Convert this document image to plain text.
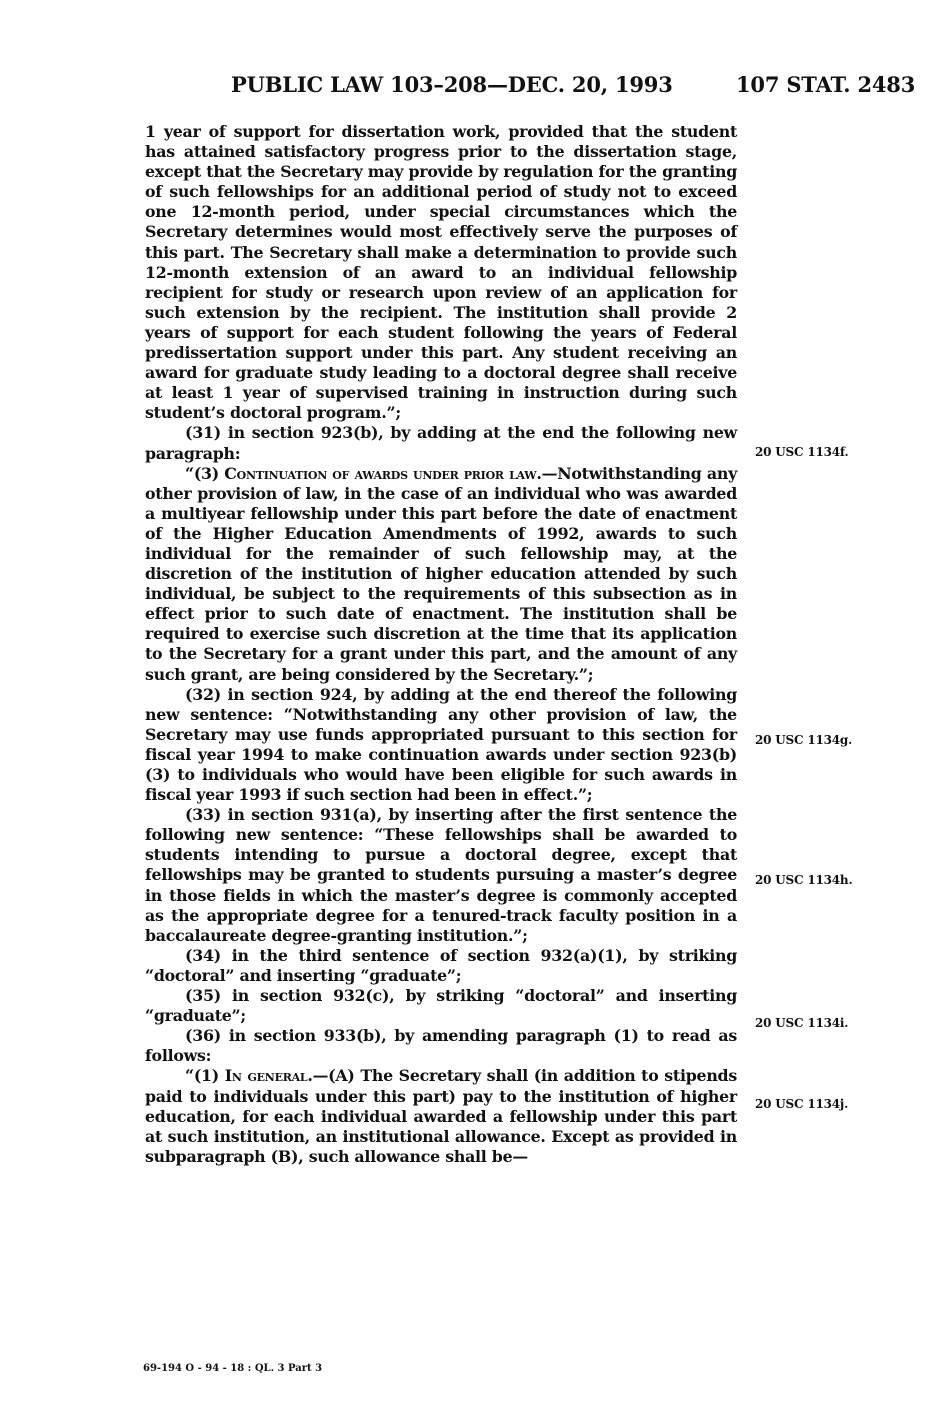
PUBLIC LAW 103–208—DEC. 20, 1993	107 STAT. 2483

1 year of support for dissertation work, provided that the student has attained satisfactory progress prior to the dissertation stage, except that the Secretary may provide by regulation for the granting of such fellowships for an additional period of study not to exceed one 12-month period, under special circumstances which the Secretary determines would most effectively serve the purposes of this part. The Secretary shall make a determination to provide such 12-month extension of an award to an individual fellowship recipient for study or research upon review of an application for such extension by the recipient. The institution shall provide 2 years of support for each student following the years of Federal predissertation support under this part. Any student receiving an award for graduate study leading to a doctoral degree shall receive at least 1 year of supervised training in instruction during such student’s doctoral program.”;

(31) in section 923(b), by adding at the end the following new paragraph:

“(3) Continuation of awards under prior law.—Notwithstanding any other provision of law, in the case of an individual who was awarded a multiyear fellowship under this part before the date of enactment of the Higher Education Amendments of 1992, awards to such individual for the remainder of such fellowship may, at the discretion of the institution of higher education attended by such individual, be subject to the requirements of this subsection as in effect prior to such date of enactment. The institution shall be required to exercise such discretion at the time that its application to the Secretary for a grant under this part, and the amount of any such grant, are being considered by the Secretary.”;

(32) in section 924, by adding at the end thereof the following new sentence: “Notwithstanding any other provision of law, the Secretary may use funds appropriated pursuant to this section for fiscal year 1994 to make continuation awards under section 923(b)(3) to individuals who would have been eligible for such awards in fiscal year 1993 if such section had been in effect.”;

(33) in section 931(a), by inserting after the first sentence the following new sentence: “These fellowships shall be awarded to students intending to pursue a doctoral degree, except that fellowships may be granted to students pursuing a master’s degree in those fields in which the master’s degree is commonly accepted as the appropriate degree for a tenured-track faculty position in a baccalaureate degree-granting institution.”;

(34) in the third sentence of section 932(a)(1), by striking “doctoral” and inserting “graduate”;

(35) in section 932(c), by striking “doctoral” and inserting “graduate”;

(36) in section 933(b), by amending paragraph (1) to read as follows:

“(1) In general.—(A) The Secretary shall (in addition to stipends paid to individuals under this part) pay to the institution of higher education, for each individual awarded a fellowship under this part at such institution, an institutional allowance. Except as provided in subparagraph (B), such allowance shall be—

20 USC 1134f.
20 USC 1134g.
20 USC 1134h.
20 USC 1134i.
20 USC 1134j.
69-194 O - 94 - 18 : QL. 3 Part 3
